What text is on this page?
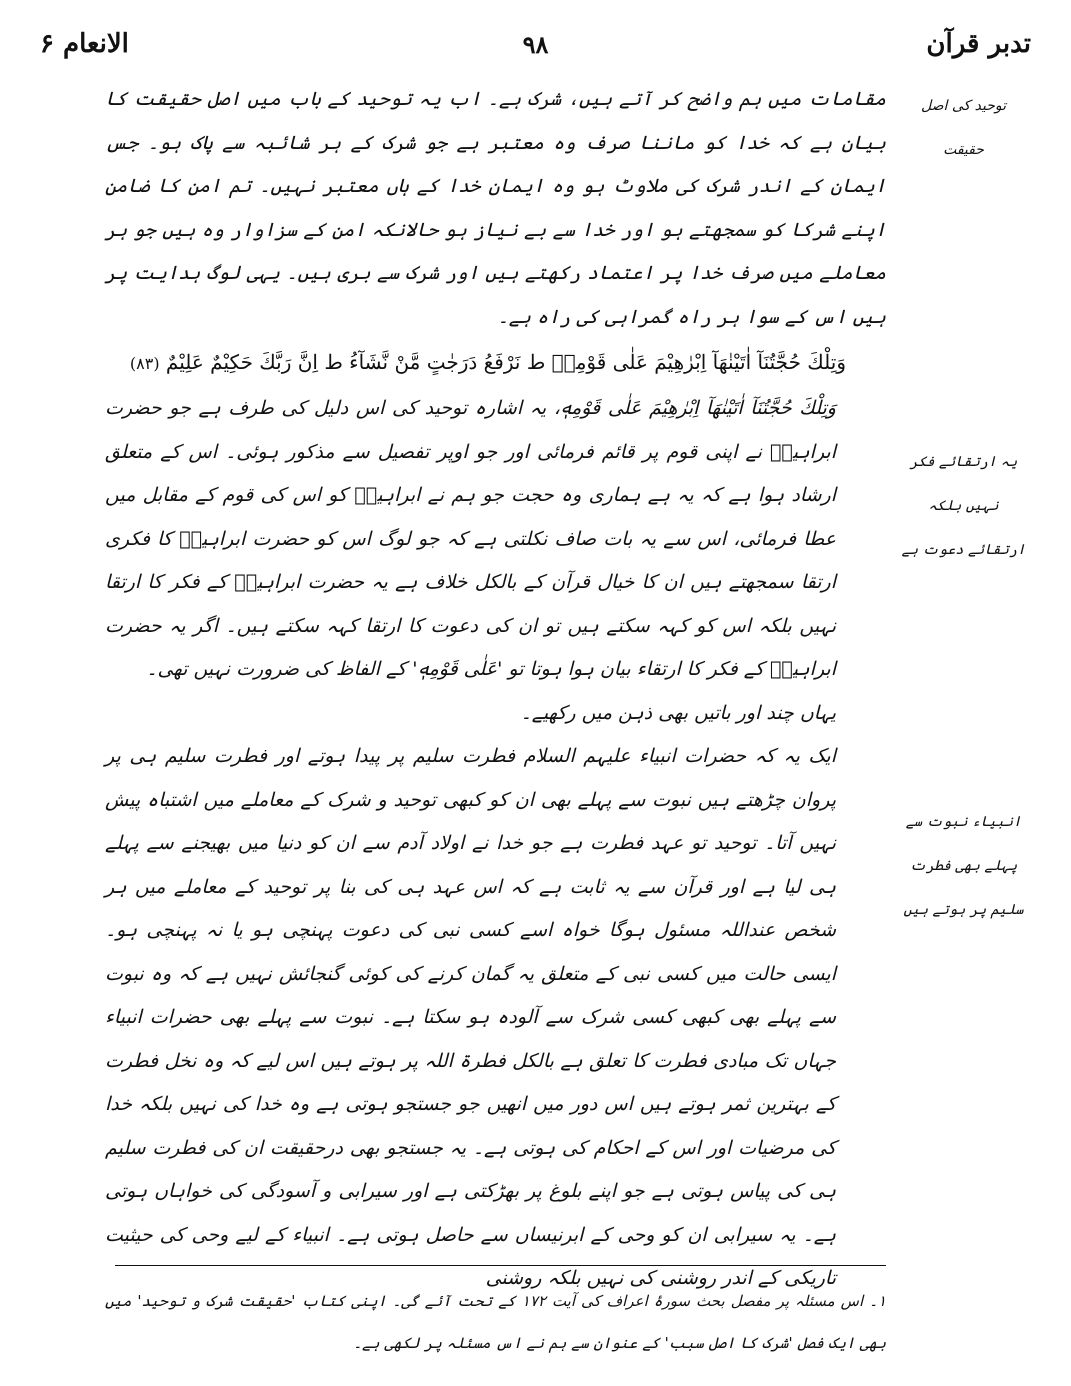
الانعام ۶	۹۸	تدبر قرآن
توحید کی اصل حقیقت
یہ ارتقائے فکر نہیں بلکہ ارتقائے دعوت ہے
انبیاء نبوت سے پہلے بھی فطرت سلیم پر ہوتے ہیں

مقامات میں ہم واضح کر آتے ہیں، شرک ہے۔ اب یہ توحید کے باب میں اصل حقیقت کا بیان ہے کہ خدا کو ماننا صرف وہ معتبر ہے جو شرک کے ہر شائبہ سے پاک ہو۔ جس ایمان کے اندر شرک کی ملاوٹ ہو وہ ایمان خدا کے ہاں معتبر نہیں۔ تم امن کا ضامن اپنے شرکا کو سمجھتے ہو اور خدا سے بے نیاز ہو حالانکہ امن کے سزاوار وہ ہیں جو ہر معاملے میں صرف خدا پر اعتماد رکھتے ہیں اور شرک سے بری ہیں۔ یہی لوگ ہدایت پر ہیں اس کے سوا ہر راہ گمراہی کی راہ ہے۔

وَتِلْكَ حُجَّتُنَآ اٰتَيْنٰهَآ اِبْرٰهِيْمَ عَلٰى قَوْمِهٖ ط نَرْفَعُ دَرَجٰتٍ مَّنْ نَّشَآءُ ط اِنَّ رَبَّكَ حَكِيْمٌ عَلِيْمٌ (۸۳)

وَتِلْكَ حُجَّتُنَآ اٰتَيْنٰهَآ اِبْرٰهِيْمَ عَلٰى قَوْمِهٖ، یہ اشارہ توحید کی اس دلیل کی طرف ہے جو حضرت ابراہیمؑ نے اپنی قوم پر قائم فرمائی اور جو اوپر تفصیل سے مذکور ہوئی۔ اس کے متعلق ارشاد ہوا ہے کہ یہ ہے ہماری وہ حجت جو ہم نے ابراہیمؑ کو اس کی قوم کے مقابل میں عطا فرمائی، اس سے یہ بات صاف نکلتی ہے کہ جو لوگ اس کو حضرت ابراہیمؑ کا فکری ارتقا سمجھتے ہیں ان کا خیال قرآن کے بالکل خلاف ہے یہ حضرت ابراہیمؑ کے فکر کا ارتقا نہیں بلکہ اس کو کہہ سکتے ہیں تو ان کی دعوت کا ارتقا کہہ سکتے ہیں۔ اگر یہ حضرت ابراہیمؑ کے فکر کا ارتقاء بیان ہوا ہوتا تو 'عَلٰى قَوْمِهٖ' کے الفاظ کی ضرورت نہیں تھی۔

یہاں چند اور باتیں بھی ذہن میں رکھیے۔

ایک یہ کہ حضرات انبیاء علیہم السلام فطرت سلیم پر پیدا ہوتے اور فطرت سلیم ہی پر پروان چڑھتے ہیں نبوت سے پہلے بھی ان کو کبھی توحید و شرک کے معاملے میں اشتباہ پیش نہیں آتا۔ توحید تو عہد فطرت ہے جو خدا نے اولاد آدم سے ان کو دنیا میں بھیجنے سے پہلے ہی لیا ہے اور قرآن سے یہ ثابت ہے کہ اس عہد ہی کی بنا پر توحید کے معاملے میں ہر شخص عنداللہ مسئول ہوگا خواہ اسے کسی نبی کی دعوت پہنچی ہو یا نہ پہنچی ہو۔ ایسی حالت میں کسی نبی کے متعلق یہ گمان کرنے کی کوئی گنجائش نہیں ہے کہ وہ نبوت سے پہلے بھی کبھی کسی شرک سے آلودہ ہو سکتا ہے۔ نبوت سے پہلے بھی حضرات انبیاء جہاں تک مبادی فطرت کا تعلق ہے بالکل فطرۃ اللہ پر ہوتے ہیں اس لیے کہ وہ نخل فطرت کے بہترین ثمر ہوتے ہیں اس دور میں انھیں جو جستجو ہوتی ہے وہ خدا کی نہیں بلکہ خدا کی مرضیات اور اس کے احکام کی ہوتی ہے۔ یہ جستجو بھی درحقیقت ان کی فطرت سلیم ہی کی پیاس ہوتی ہے جو اپنے بلوغ پر بھڑکتی ہے اور سیرابی و آسودگی کی خواہاں ہوتی ہے۔ یہ سیرابی ان کو وحی کے ابرنیساں سے حاصل ہوتی ہے۔ انبیاء کے لیے وحی کی حیثیت تاریکی کے اندر روشنی کی نہیں بلکہ روشنی

۱۔ اس مسئلہ پر مفصل بحث سورۂ اعراف کی آیت ۱۷۲ کے تحت آئے گی۔ اپنی کتاب 'حقیقت شرک و توحید' میں بھی ایک فصل 'شرک کا اصل سبب' کے عنوان سے ہم نے اس مسئلہ پر لکھی ہے۔
